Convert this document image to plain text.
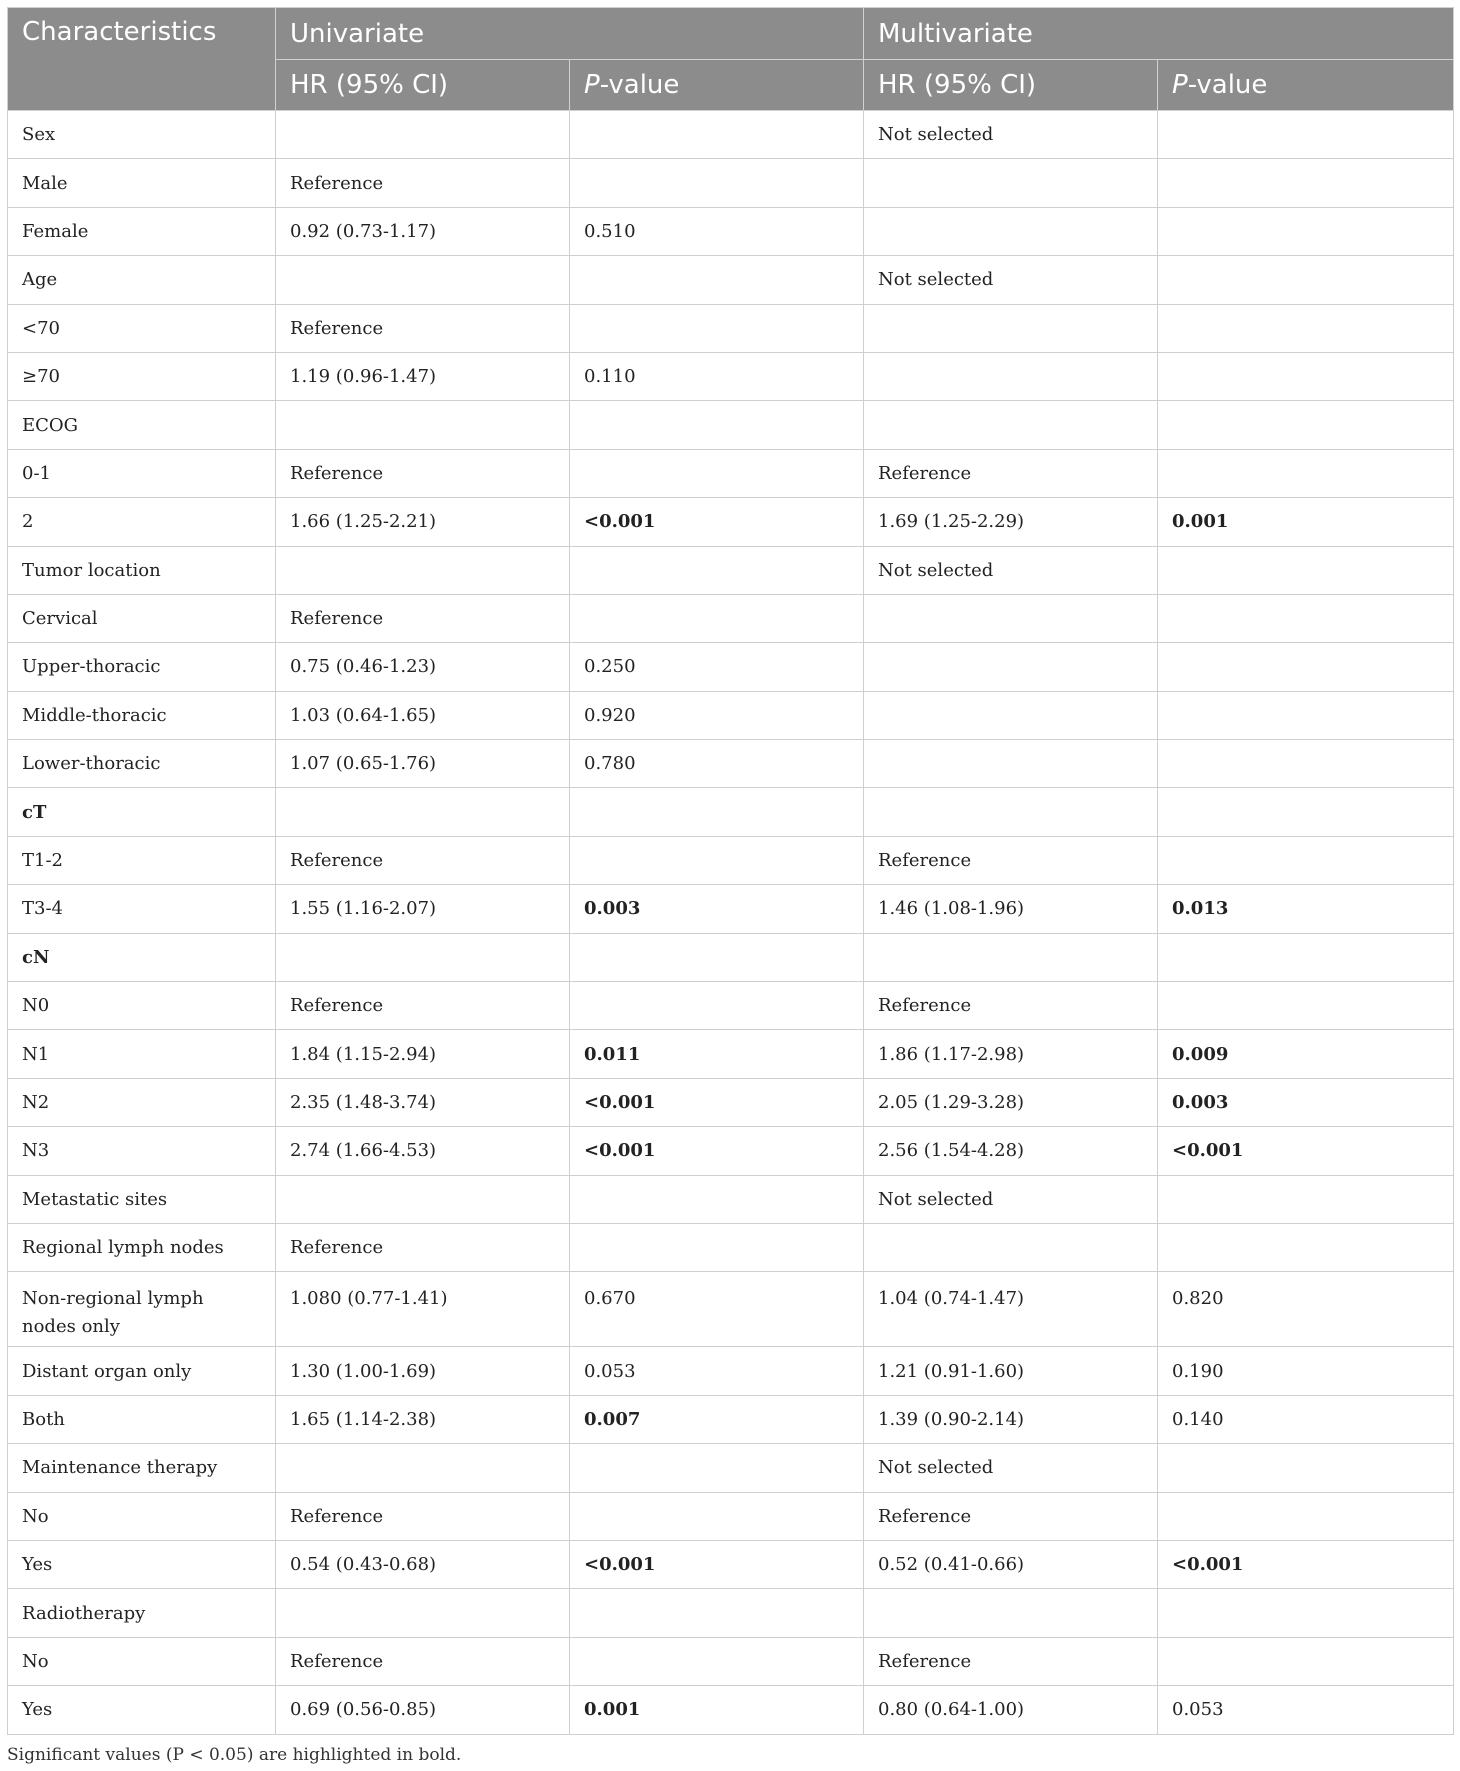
Characteristics	Univariate		Multivariate	
	HR (95% CI)	P-value	HR (95% CI)	P-value
Sex			Not selected	
Male	Reference			
Female	0.92 (0.73-1.17)	0.510		
Age			Not selected	
<70	Reference			
≥70	1.19 (0.96-1.47)	0.110		
ECOG				
0-1	Reference		Reference	
2	1.66 (1.25-2.21)	<0.001	1.69 (1.25-2.29)	0.001
Tumor location			Not selected	
Cervical	Reference			
Upper-thoracic	0.75 (0.46-1.23)	0.250		
Middle-thoracic	1.03 (0.64-1.65)	0.920		
Lower-thoracic	1.07 (0.65-1.76)	0.780		
cT				
T1-2	Reference		Reference	
T3-4	1.55 (1.16-2.07)	0.003	1.46 (1.08-1.96)	0.013
cN				
N0	Reference		Reference	
N1	1.84 (1.15-2.94)	0.011	1.86 (1.17-2.98)	0.009
N2	2.35 (1.48-3.74)	<0.001	2.05 (1.29-3.28)	0.003
N3	2.74 (1.66-4.53)	<0.001	2.56 (1.54-4.28)	<0.001
Metastatic sites			Not selected	
Regional lymph nodes	Reference			
Non-regional lymph nodes only	1.080 (0.77-1.41)	0.670	1.04 (0.74-1.47)	0.820
Distant organ only	1.30 (1.00-1.69)	0.053	1.21 (0.91-1.60)	0.190
Both	1.65 (1.14-2.38)	0.007	1.39 (0.90-2.14)	0.140
Maintenance therapy			Not selected	
No	Reference		Reference	
Yes	0.54 (0.43-0.68)	<0.001	0.52 (0.41-0.66)	<0.001
Radiotherapy				
No	Reference		Reference	
Yes	0.69 (0.56-0.85)	0.001	0.80 (0.64-1.00)	0.053
Significant values (P < 0.05) are highlighted in bold.
